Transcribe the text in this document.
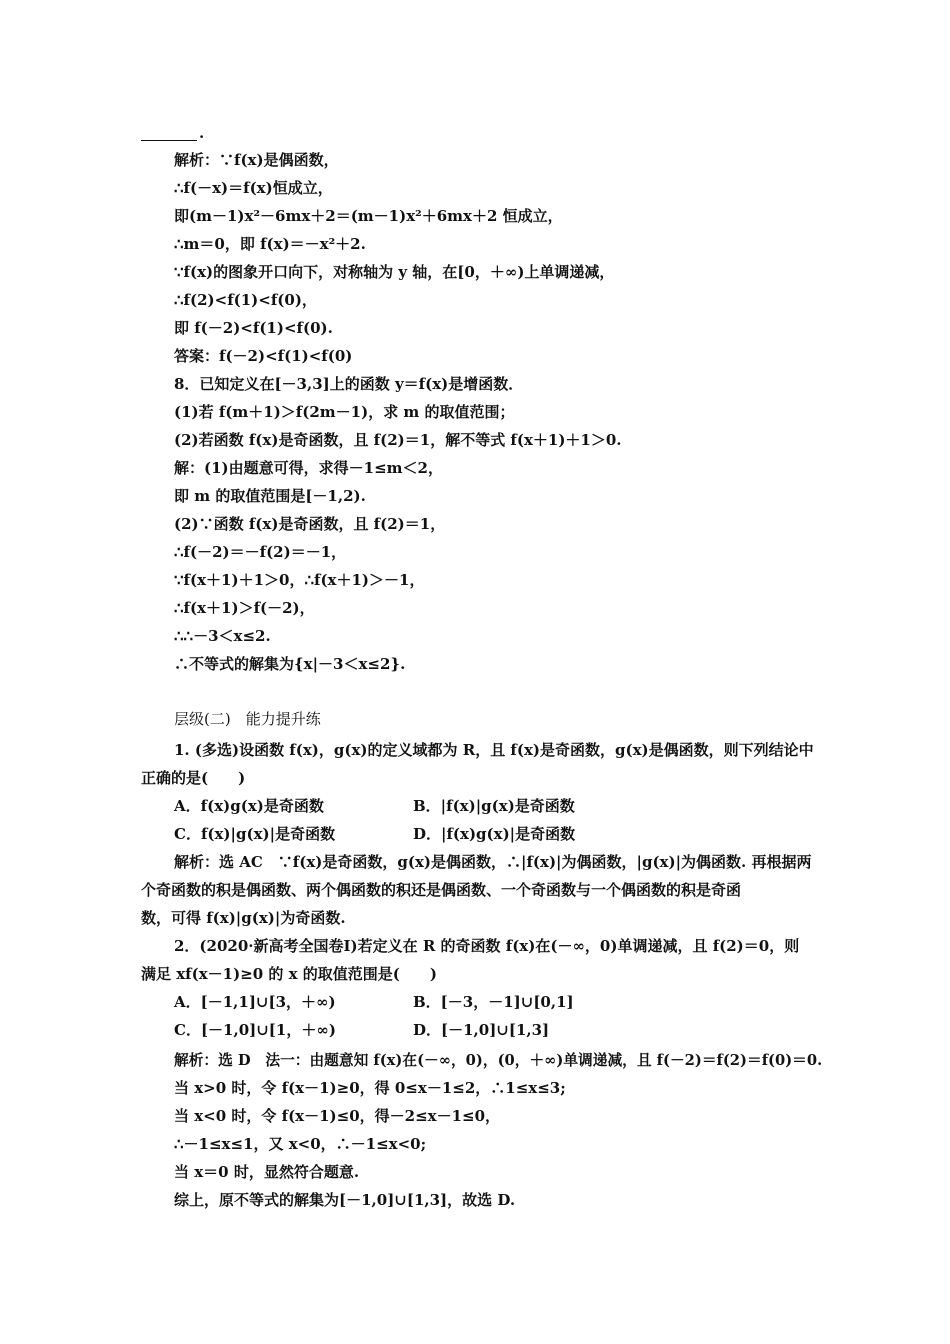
.
解析：∵f(x)是偶函数，
∴f(－x)＝f(x)恒成立，
即(m－1)x²－6mx＋2＝(m－1)x²＋6mx＋2 恒成立，
∴m＝0，即 f(x)＝－x²＋2.
∵f(x)的图象开口向下，对称轴为 y 轴，在[0，＋∞)上单调递减，
∴f(2)<f(1)<f(0)，
即 f(－2)<f(1)<f(0).
答案：f(－2)<f(1)<f(0)
8．已知定义在[－3,3]上的函数 y＝f(x)是增函数．
(1)若 f(m＋1)＞f(2m－1)，求 m 的取值范围；
(2)若函数 f(x)是奇函数，且 f(2)＝1，解不等式 f(x＋1)＋1＞0.
解：(1)由题意可得，求得－1≤m＜2，
即 m 的取值范围是[－1,2).
(2)∵函数 f(x)是奇函数，且 f(2)＝1，
∴f(－2)＝－f(2)＝－1，
∵f(x＋1)＋1＞0，∴f(x＋1)＞－1，
∴f(x＋1)＞f(－2)，
∴∴－3＜x≤2.
∴不等式的解集为{x|－3＜x≤2}.
层级(二)　能力提升练
1. (多选)设函数 f(x)，g(x)的定义域都为 R，且 f(x)是奇函数，g(x)是偶函数，则下列结论中
正确的是(　　)
A．f(x)g(x)是奇函数	B．|f(x)|g(x)是奇函数
C．f(x)|g(x)|是奇函数	D．|f(x)g(x)|是奇函数
解析：选 AC　∵f(x)是奇函数，g(x)是偶函数，∴|f(x)|为偶函数，|g(x)|为偶函数. 再根据两
个奇函数的积是偶函数、两个偶函数的积还是偶函数、一个奇函数与一个偶函数的积是奇函
数，可得 f(x)|g(x)|为奇函数.
2．(2020·新高考全国卷Ⅰ)若定义在 R 的奇函数 f(x)在(－∞，0)单调递减，且 f(2)＝0，则
满足 xf(x－1)≥0 的 x 的取值范围是(　　)
A．[－1,1]∪[3，＋∞)	B．[－3，－1]∪[0,1]
C．[－1,0]∪[1，＋∞)	D．[－1,0]∪[1,3]
解析：选 D　法一：由题意知 f(x)在(－∞，0)，(0，＋∞)单调递减，且 f(－2)＝f(2)＝f(0)＝0.
当 x>0 时，令 f(x－1)≥0，得 0≤x－1≤2，∴1≤x≤3;
当 x<0 时，令 f(x－1)≤0，得－2≤x－1≤0，
∴－1≤x≤1，又 x<0，∴－1≤x<0;
当 x＝0 时，显然符合题意.
综上，原不等式的解集为[－1,0]∪[1,3]，故选 D.
